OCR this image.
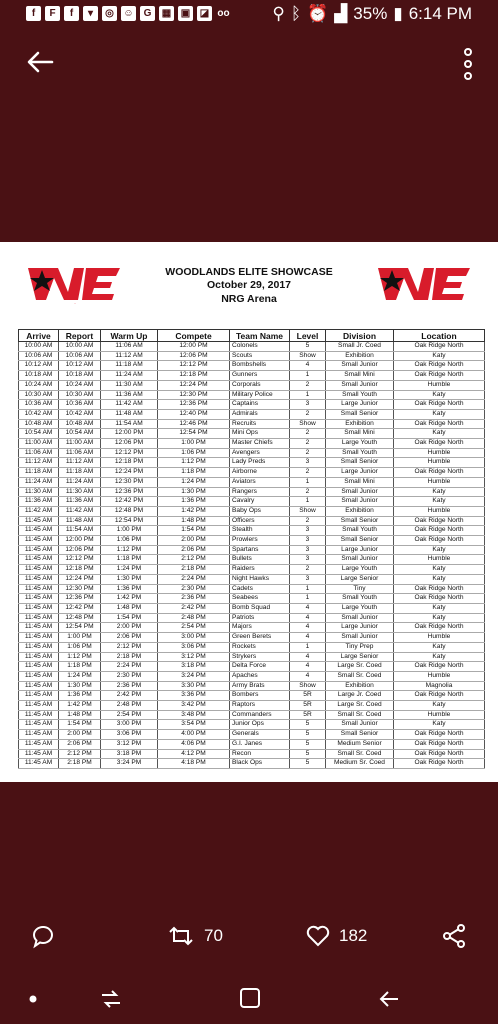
f	F	f	▾	◎ ☺	G	▦ ▣ ◪ oo	⚲ ᛒ ⏰ ▟ 35% ▮ 6:14 PM
WE
WOODLANDS ELITE SHOWCASE
October 29, 2017
NRG Arena
Arrive	Report	Warm Up	Compete	Team Name	Level	Division	Location
10:00 AM	10:00 AM	11:06 AM	12:00 PM	Colonels	5	Small Jr. Coed	Oak Ridge North
10:06 AM	10:06 AM	11:12 AM	12:06 PM	Scouts	Show	Exhibition	Katy
10:12 AM	10:12 AM	11:18 AM	12:12 PM	Bombshells	4	Small Junior	Oak Ridge North
10:18 AM	10:18 AM	11:24 AM	12:18 PM	Gunners	1	Small Mini	Oak Ridge North
10:24 AM	10:24 AM	11:30 AM	12:24 PM	Corporals	2	Small Junior	Humble
10:30 AM	10:30 AM	11:36 AM	12:30 PM	Military Police	1	Small Youth	Katy
10:36 AM	10:36 AM	11:42 AM	12:36 PM	Captains	3	Large Junior	Oak Ridge North
10:42 AM	10:42 AM	11:48 AM	12:40 PM	Admirals	2	Small Senior	Katy
10:48 AM	10:48 AM	11:54 AM	12:46 PM	Recruits	Show	Exhibition	Oak Ridge North
10:54 AM	10:54 AM	12:00 PM	12:54 PM	Mini Ops	2	Small Mini	Katy
11:00 AM	11:00 AM	12:06 PM	1:00 PM	Master Chiefs	2	Large Youth	Oak Ridge North
11:06 AM	11:06 AM	12:12 PM	1:06 PM	Avengers	2	Small Youth	Humble
11:12 AM	11:12 AM	12:18 PM	1:12 PM	Lady Preds	3	Small Senior	Humble
11:18 AM	11:18 AM	12:24 PM	1:18 PM	Airborne	2	Large Junior	Oak Ridge North
11:24 AM	11:24 AM	12:30 PM	1:24 PM	Aviators	1	Small Mini	Humble
11:30 AM	11:30 AM	12:36 PM	1:30 PM	Rangers	2	Small Junior	Katy
11:36 AM	11:36 AM	12:42 PM	1:36 PM	Cavalry	1	Small Junior	Katy
11:42 AM	11:42 AM	12:48 PM	1:42 PM	Baby Ops	Show	Exhibition	Humble
11:45 AM	11:48 AM	12:54 PM	1:48 PM	Officers	2	Small Senior	Oak Ridge North
11:45 AM	11:54 AM	1:00 PM	1:54 PM	Stealth	3	Small Youth	Oak Ridge North
11:45 AM	12:00 PM	1:06 PM	2:00 PM	Prowlers	3	Small Senior	Oak Ridge North
11:45 AM	12:06 PM	1:12 PM	2:06 PM	Spartans	3	Large Junior	Katy
11:45 AM	12:12 PM	1:18 PM	2:12 PM	Bullets	3	Small Junior	Humble
11:45 AM	12:18 PM	1:24 PM	2:18 PM	Raiders	2	Large Youth	Katy
11:45 AM	12:24 PM	1:30 PM	2:24 PM	Night Hawks	3	Large Senior	Katy
11:45 AM	12:30 PM	1:36 PM	2:30 PM	Cadets	1	Tiny	Oak Ridge North
11:45 AM	12:36 PM	1:42 PM	2:36 PM	Seabees	1	Small Youth	Oak Ridge North
11:45 AM	12:42 PM	1:48 PM	2:42 PM	Bomb Squad	4	Large Youth	Katy
11:45 AM	12:48 PM	1:54 PM	2:48 PM	Patriots	4	Small Junior	Katy
11:45 AM	12:54 PM	2:00 PM	2:54 PM	Majors	4	Large Junior	Oak Ridge North
11:45 AM	1:00 PM	2:06 PM	3:00 PM	Green Berets	4	Small Junior	Humble
11:45 AM	1:06 PM	2:12 PM	3:06 PM	Rockets	1	Tiny Prep	Katy
11:45 AM	1:12 PM	2:18 PM	3:12 PM	Strykers	4	Large Senior	Katy
11:45 AM	1:18 PM	2:24 PM	3:18 PM	Delta Force	4	Large Sr. Coed	Oak Ridge North
11:45 AM	1:24 PM	2:30 PM	3:24 PM	Apaches	4	Small Sr. Coed	Humble
11:45 AM	1:30 PM	2:36 PM	3:30 PM	Army Brats	Show	Exhibition	Magnolia
11:45 AM	1:36 PM	2:42 PM	3:36 PM	Bombers	5R	Large Jr. Coed	Oak Ridge North
11:45 AM	1:42 PM	2:48 PM	3:42 PM	Raptors	5R	Large Sr. Coed	Katy
11:45 AM	1:48 PM	2:54 PM	3:48 PM	Commanders	5R	Small Sr. Coed	Humble
11:45 AM	1:54 PM	3:00 PM	3:54 PM	Junior Ops	5	Small Junior	Katy
11:45 AM	2:00 PM	3:06 PM	4:00 PM	Generals	5	Small Senior	Oak Ridge North
11:45 AM	2:06 PM	3:12 PM	4:06 PM	G.I. Janes	5	Medium Senior	Oak Ridge North
11:45 AM	2:12 PM	3:18 PM	4:12 PM	Recon	5	Small Sr. Coed	Oak Ridge North
11:45 AM	2:18 PM	3:24 PM	4:18 PM	Black Ops	5	Medium Sr. Coed	Oak Ridge North
70	182
